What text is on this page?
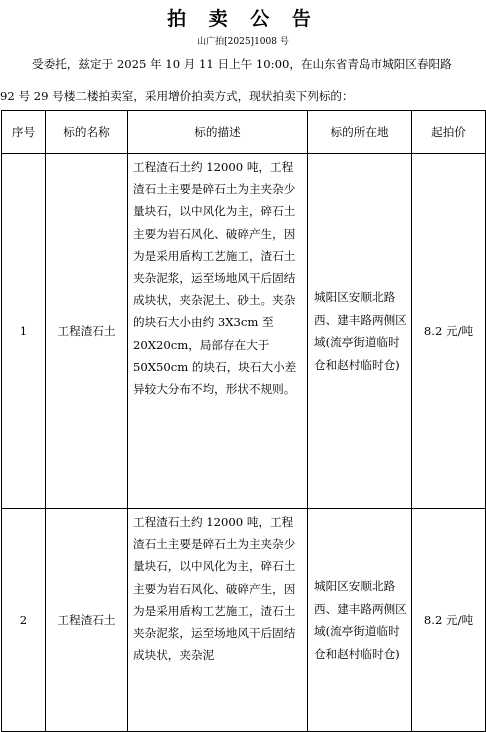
拍 卖 公 告
山广拍[2025]1008 号
受委托，兹定于 2025 年 10 月 11 日上午 10:00，在山东省青岛市城阳区春阳路
92 号 29 号楼二楼拍卖室，采用增价拍卖方式，现状拍卖下列标的：
序号	标的名称	标的描述	标的所在地	起拍价
1	工程渣石土	工程渣石土约 12000 吨，工程渣石土主要是碎石土为主夹杂少量块石，以中风化为主，碎石土主要为岩石风化、破碎产生，因为是采用盾构工艺施工，渣石土夹杂泥浆，运至场地风干后固结成块状，夹杂泥土、砂土。夹杂的块石大小由约 3X3cm 至 20X20cm，局部存在大于 50X50cm 的块石，块石大小差异较大分布不均，形状不规则。	城阳区安顺北路西、建丰路两侧区域(流亭街道临时仓和赵村临时仓)	8.2 元/吨
2	工程渣石土	工程渣石土约 12000 吨，工程渣石土主要是碎石土为主夹杂少量块石，以中风化为主，碎石土主要为岩石风化、破碎产生，因为是采用盾构工艺施工，渣石土夹杂泥浆，运至场地风干后固结成块状，夹杂泥	城阳区安顺北路西、建丰路两侧区域(流亭街道临时仓和赵村临时仓)	8.2 元/吨
